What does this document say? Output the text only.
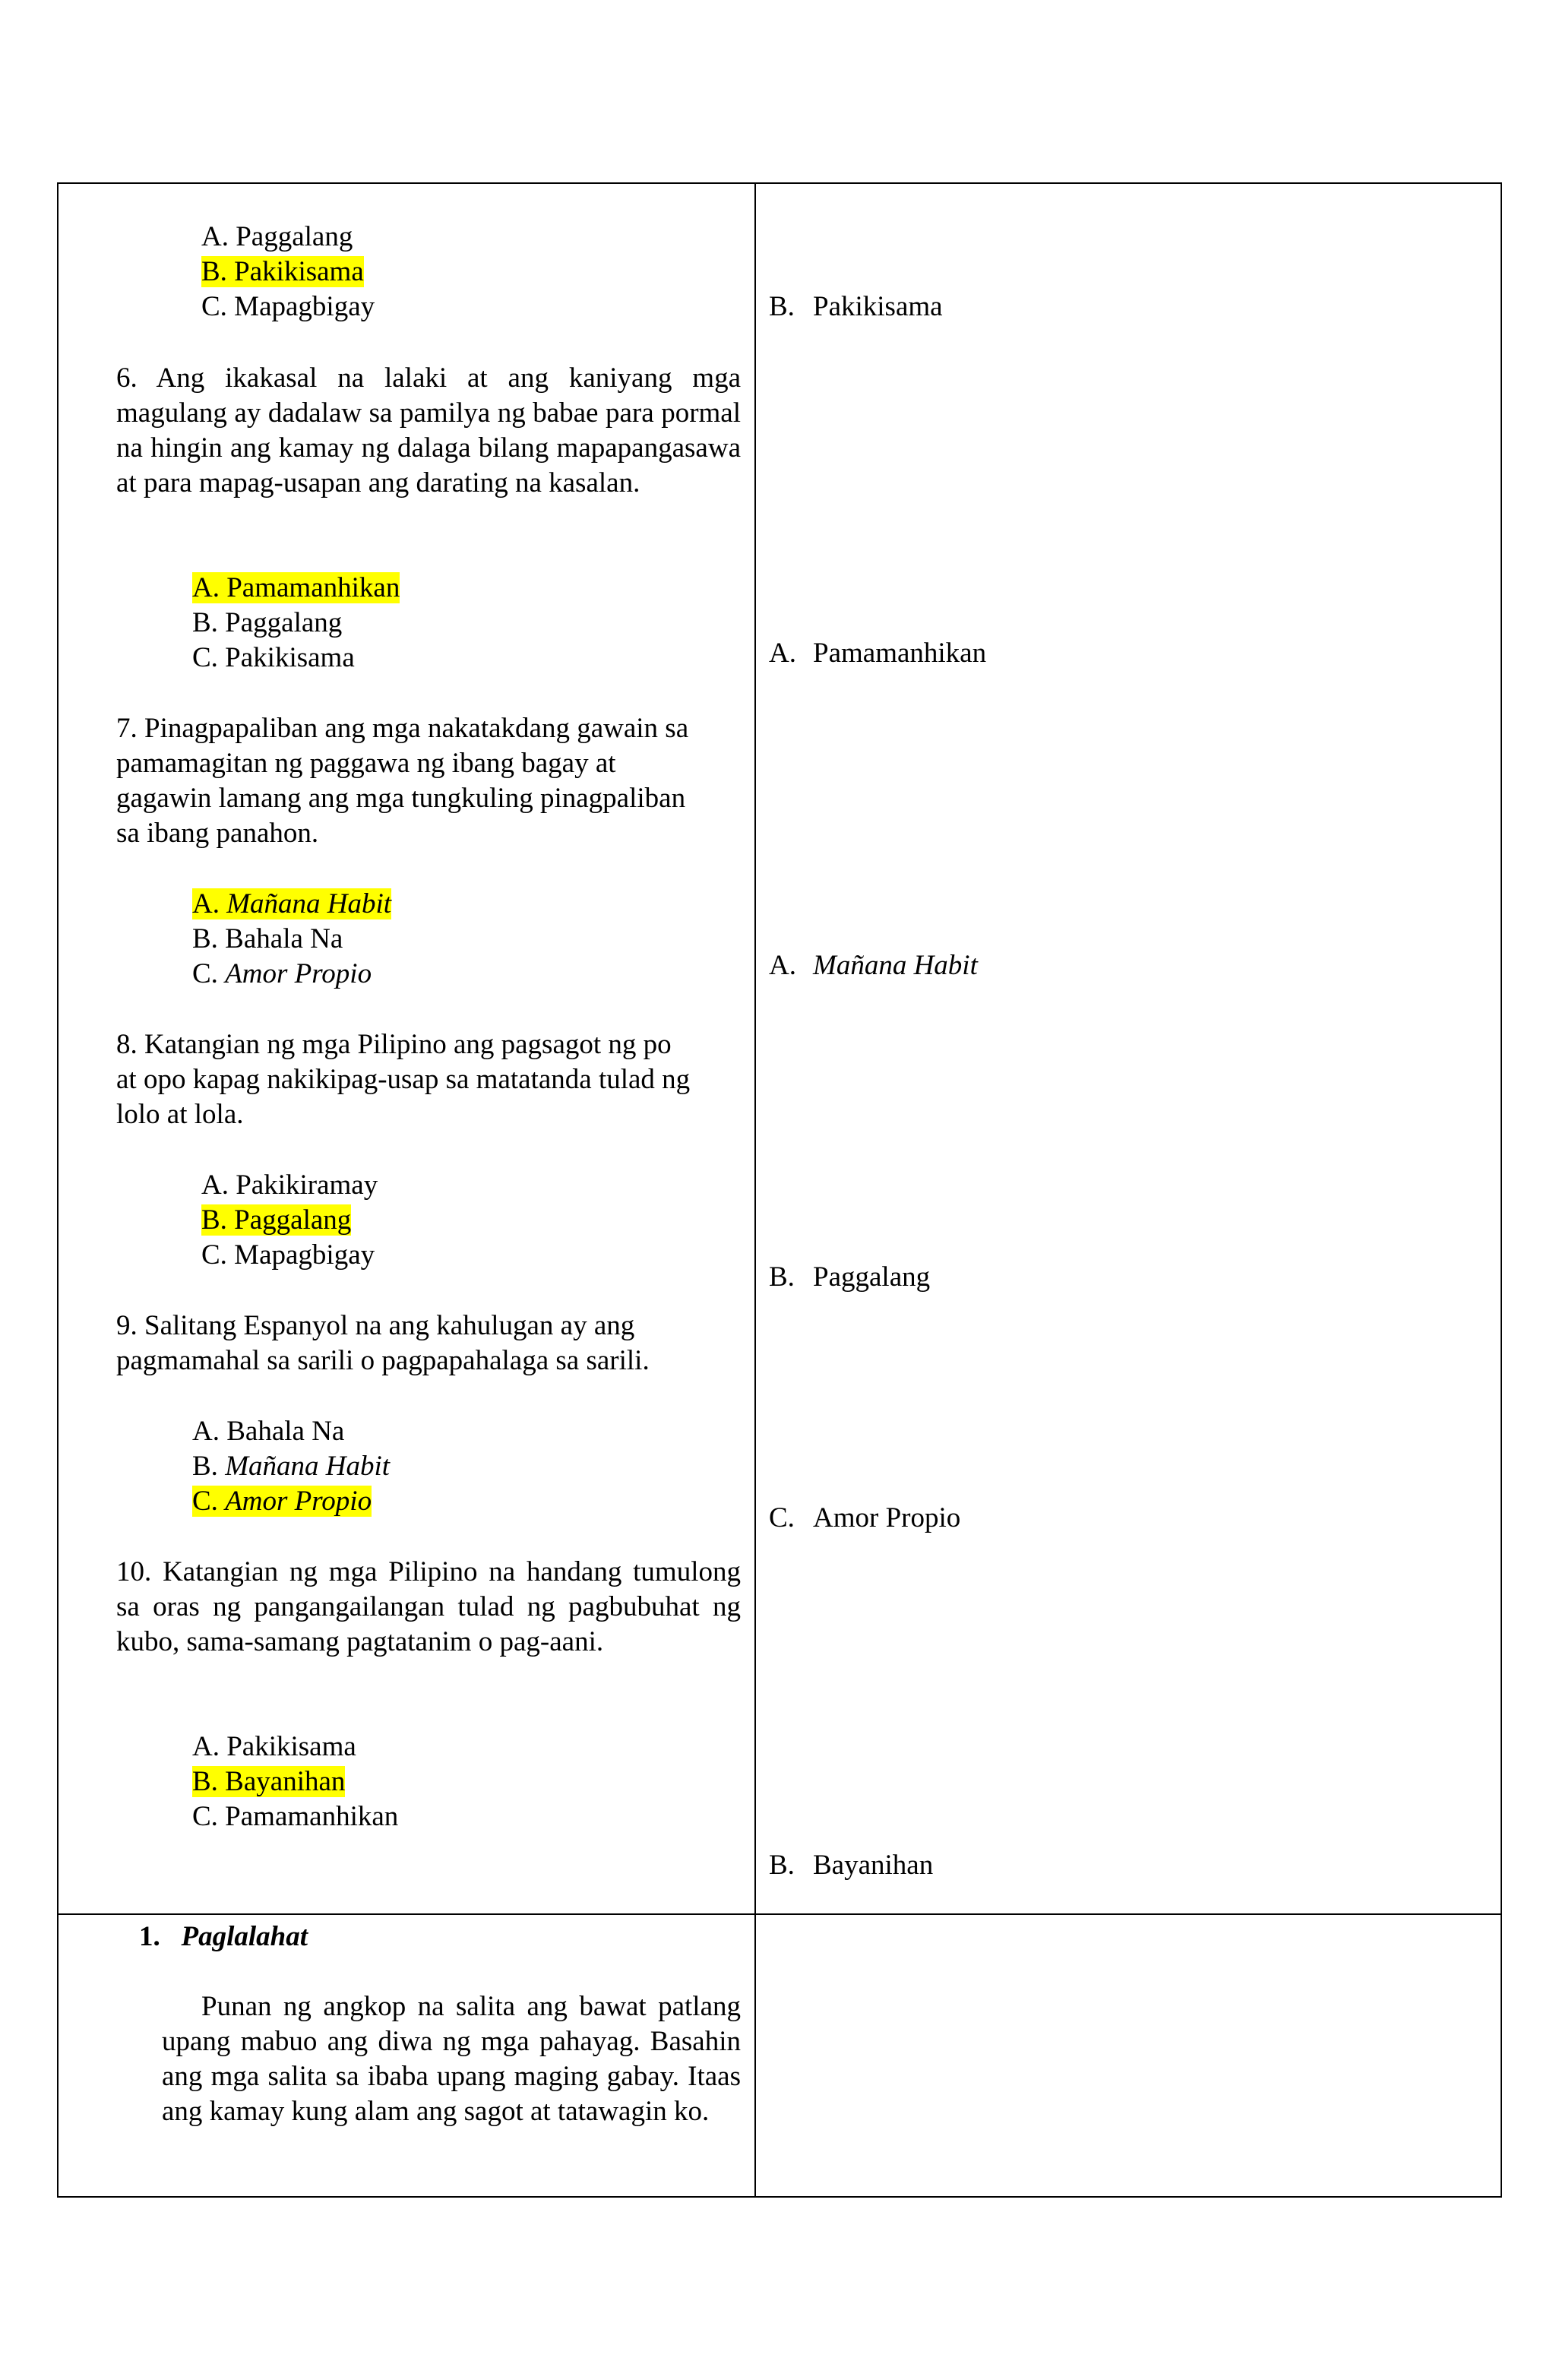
A. Paggalang
B. Pakikisama
C. Mapagbigay
6. Ang ikakasal na lalaki at ang kaniyang mga magulang ay dadalaw sa pamilya ng babae para pormal na hingin ang kamay ng dalaga bilang mapapangasawa at para mapag-usapan ang darating na kasalan.
A. Pamamanhikan
B. Paggalang
C. Pakikisama
7. Pinagpapaliban ang mga nakatakdang gawain sa
pamamagitan ng paggawa ng ibang bagay at
gagawin lamang ang mga tungkuling pinagpaliban
sa ibang panahon.
A. Mañana Habit
B. Bahala Na
C. Amor Propio
8. Katangian ng mga Pilipino ang pagsagot ng po
at opo kapag nakikipag-usap sa matatanda tulad ng
lolo at lola.
A. Pakikiramay
B. Paggalang
C. Mapagbigay
9. Salitang Espanyol na ang kahulugan ay ang
pagmamahal sa sarili o pagpapahalaga sa sarili.
A. Bahala Na
B. Mañana Habit
C. Amor Propio
10. Katangian ng mga Pilipino na handang tumulong sa oras ng pangangailangan tulad ng pagbubuhat ng kubo, sama-samang pagtatanim o pag-aani.
A. Pakikisama
B. Bayanihan
C. Pamamanhikan
B. Pakikisama
A. Pamamanhikan
A. Mañana Habit
B. Paggalang
C. Amor Propio
B. Bayanihan
1. Paglalahat
Punan ng angkop na salita ang bawat patlang upang mabuo ang diwa ng mga pahayag. Basahin ang mga salita sa ibaba upang maging gabay. Itaas ang kamay kung alam ang sagot at tatawagin ko.
